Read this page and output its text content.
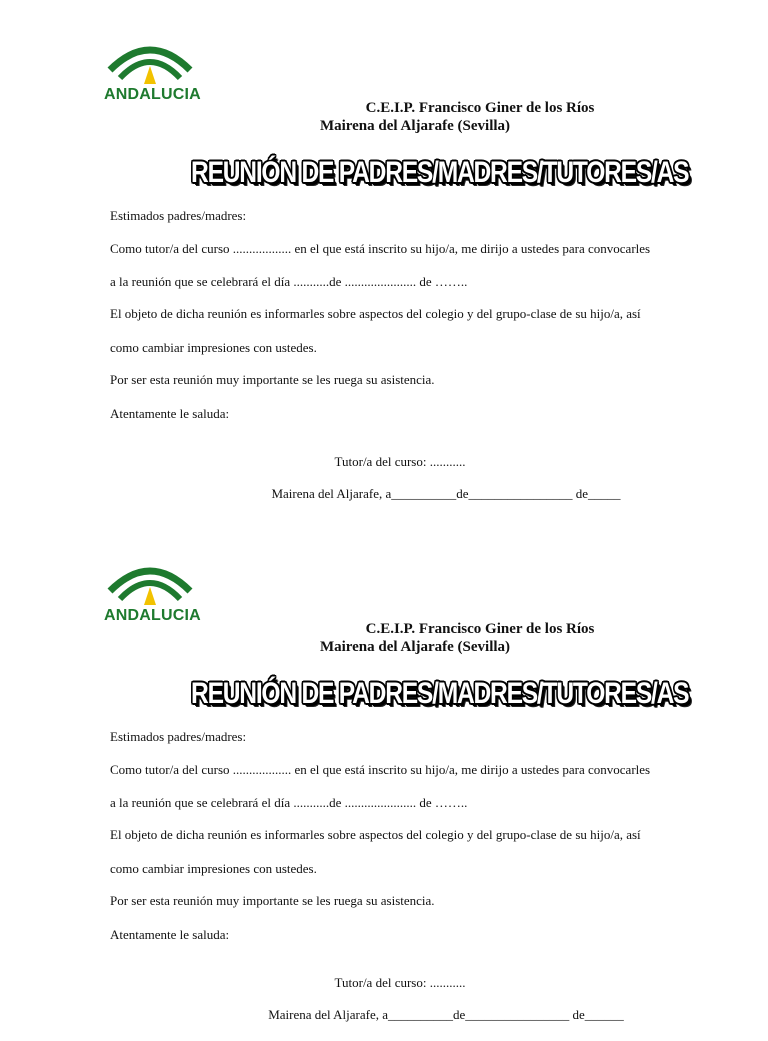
ANDALUCIA
C.E.I.P. Francisco Giner de los Ríos
Mairena del Aljarafe (Sevilla)
REUNIÓN DE PADRES/MADRES/TUTORES/AS
Estimados padres/madres:
Como tutor/a del curso .................. en el que está inscrito su hijo/a, me dirijo a ustedes para convocarles
a la reunión que se celebrará el día ...........de ...................... de ……..
El objeto de dicha reunión es informarles sobre aspectos del colegio y del grupo-clase de su hijo/a, así
como cambiar impresiones con ustedes.
Por ser esta reunión muy importante se les ruega su asistencia.
Atentamente le saluda:
Tutor/a del curso: ...........
Mairena del Aljarafe, a__________de________________ de_____
ANDALUCIA
C.E.I.P. Francisco Giner de los Ríos
Mairena del Aljarafe (Sevilla)
REUNIÓN DE PADRES/MADRES/TUTORES/AS
Estimados padres/madres:
Como tutor/a del curso .................. en el que está inscrito su hijo/a, me dirijo a ustedes para convocarles
a la reunión que se celebrará el día ...........de ...................... de ……..
El objeto de dicha reunión es informarles sobre aspectos del colegio y del grupo-clase de su hijo/a, así
como cambiar impresiones con ustedes.
Por ser esta reunión muy importante se les ruega su asistencia.
Atentamente le saluda:
Tutor/a del curso: ...........
Mairena del Aljarafe, a__________de________________ de______
